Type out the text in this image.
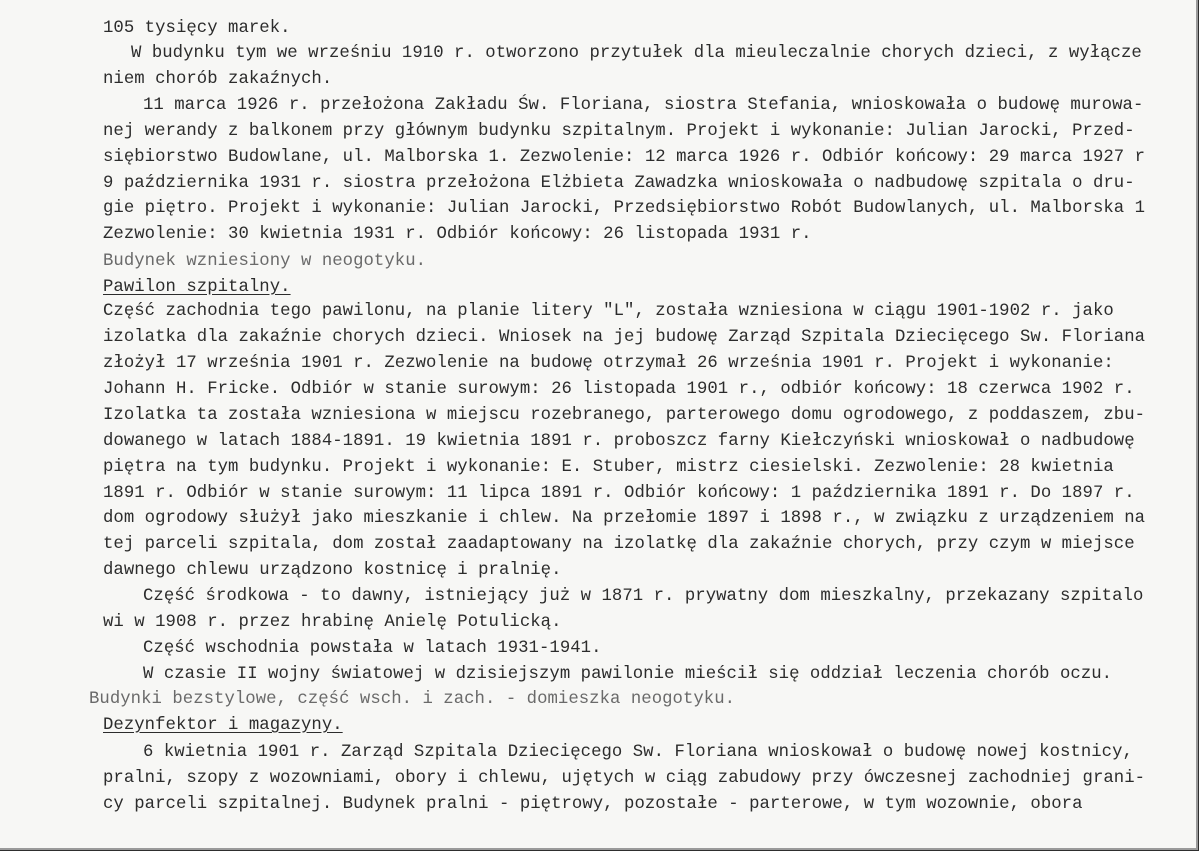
105 tysięcy marek.
W budynku tym we wrześniu 1910 r. otworzono przytułek dla mieuleczalnie chorych dzieci, z wyłącze
niem chorób zakaźnych.
11 marca 1926 r. przełożona Zakładu Św. Floriana, siostra Stefania, wnioskowała o budowę murowa-
nej werandy z balkonem przy głównym budynku szpitalnym. Projekt i wykonanie: Julian Jarocki, Przed-
siębiorstwo Budowlane, ul. Malborska 1. Zezwolenie: 12 marca 1926 r. Odbiór końcowy: 29 marca 1927 r
9 października 1931 r. siostra przełożona Elżbieta Zawadzka wnioskowała o nadbudowę szpitala o dru-
gie piętro. Projekt i wykonanie: Julian Jarocki, Przedsiębiorstwo Robót Budowlanych, ul. Malborska 1
Zezwolenie: 30 kwietnia 1931 r. Odbiór końcowy: 26 listopada 1931 r.
Budynek wzniesiony w neogotyku.
Pawilon szpitalny.
Część zachodnia tego pawilonu, na planie litery "L", została wzniesiona w ciągu 1901-1902 r. jako
izolatka dla zakaźnie chorych dzieci. Wniosek na jej budowę Zarząd Szpitala Dziecięcego Sw. Floriana
złożył 17 września 1901 r. Zezwolenie na budowę otrzymał 26 września 1901 r. Projekt i wykonanie:
Johann H. Fricke. Odbiór w stanie surowym: 26 listopada 1901 r., odbiór końcowy: 18 czerwca 1902 r.
Izolatka ta została wzniesiona w miejscu rozebranego, parterowego domu ogrodowego, z poddaszem, zbu-
dowanego w latach 1884-1891. 19 kwietnia 1891 r. proboszcz farny Kiełczyński wnioskował o nadbudowę
piętra na tym budynku. Projekt i wykonanie: E. Stuber, mistrz ciesielski. Zezwolenie: 28 kwietnia
1891 r. Odbiór w stanie surowym: 11 lipca 1891 r. Odbiór końcowy: 1 października 1891 r. Do 1897 r.
dom ogrodowy służył jako mieszkanie i chlew. Na przełomie 1897 i 1898 r., w związku z urządzeniem na
tej parceli szpitala, dom został zaadaptowany na izolatkę dla zakaźnie chorych, przy czym w miejsce
dawnego chlewu urządzono kostnicę i pralnię.
Część środkowa - to dawny, istniejący już w 1871 r. prywatny dom mieszkalny, przekazany szpitalo
wi w 1908 r. przez hrabinę Anielę Potulicką.
Część wschodnia powstała w latach 1931-1941.
W czasie II wojny światowej w dzisiejszym pawilonie mieścił się oddział leczenia chorób oczu.
Budynki bezstylowe, część wsch. i zach. - domieszka neogotyku.
Dezynfektor i magazyny.
6 kwietnia 1901 r. Zarząd Szpitala Dziecięcego Sw. Floriana wnioskował o budowę nowej kostnicy,
pralni, szopy z wozowniami, obory i chlewu, ujętych w ciąg zabudowy przy ówczesnej zachodniej grani-
cy parceli szpitalnej. Budynek pralni - piętrowy, pozostałe - parterowe, w tym wozownie, obora
